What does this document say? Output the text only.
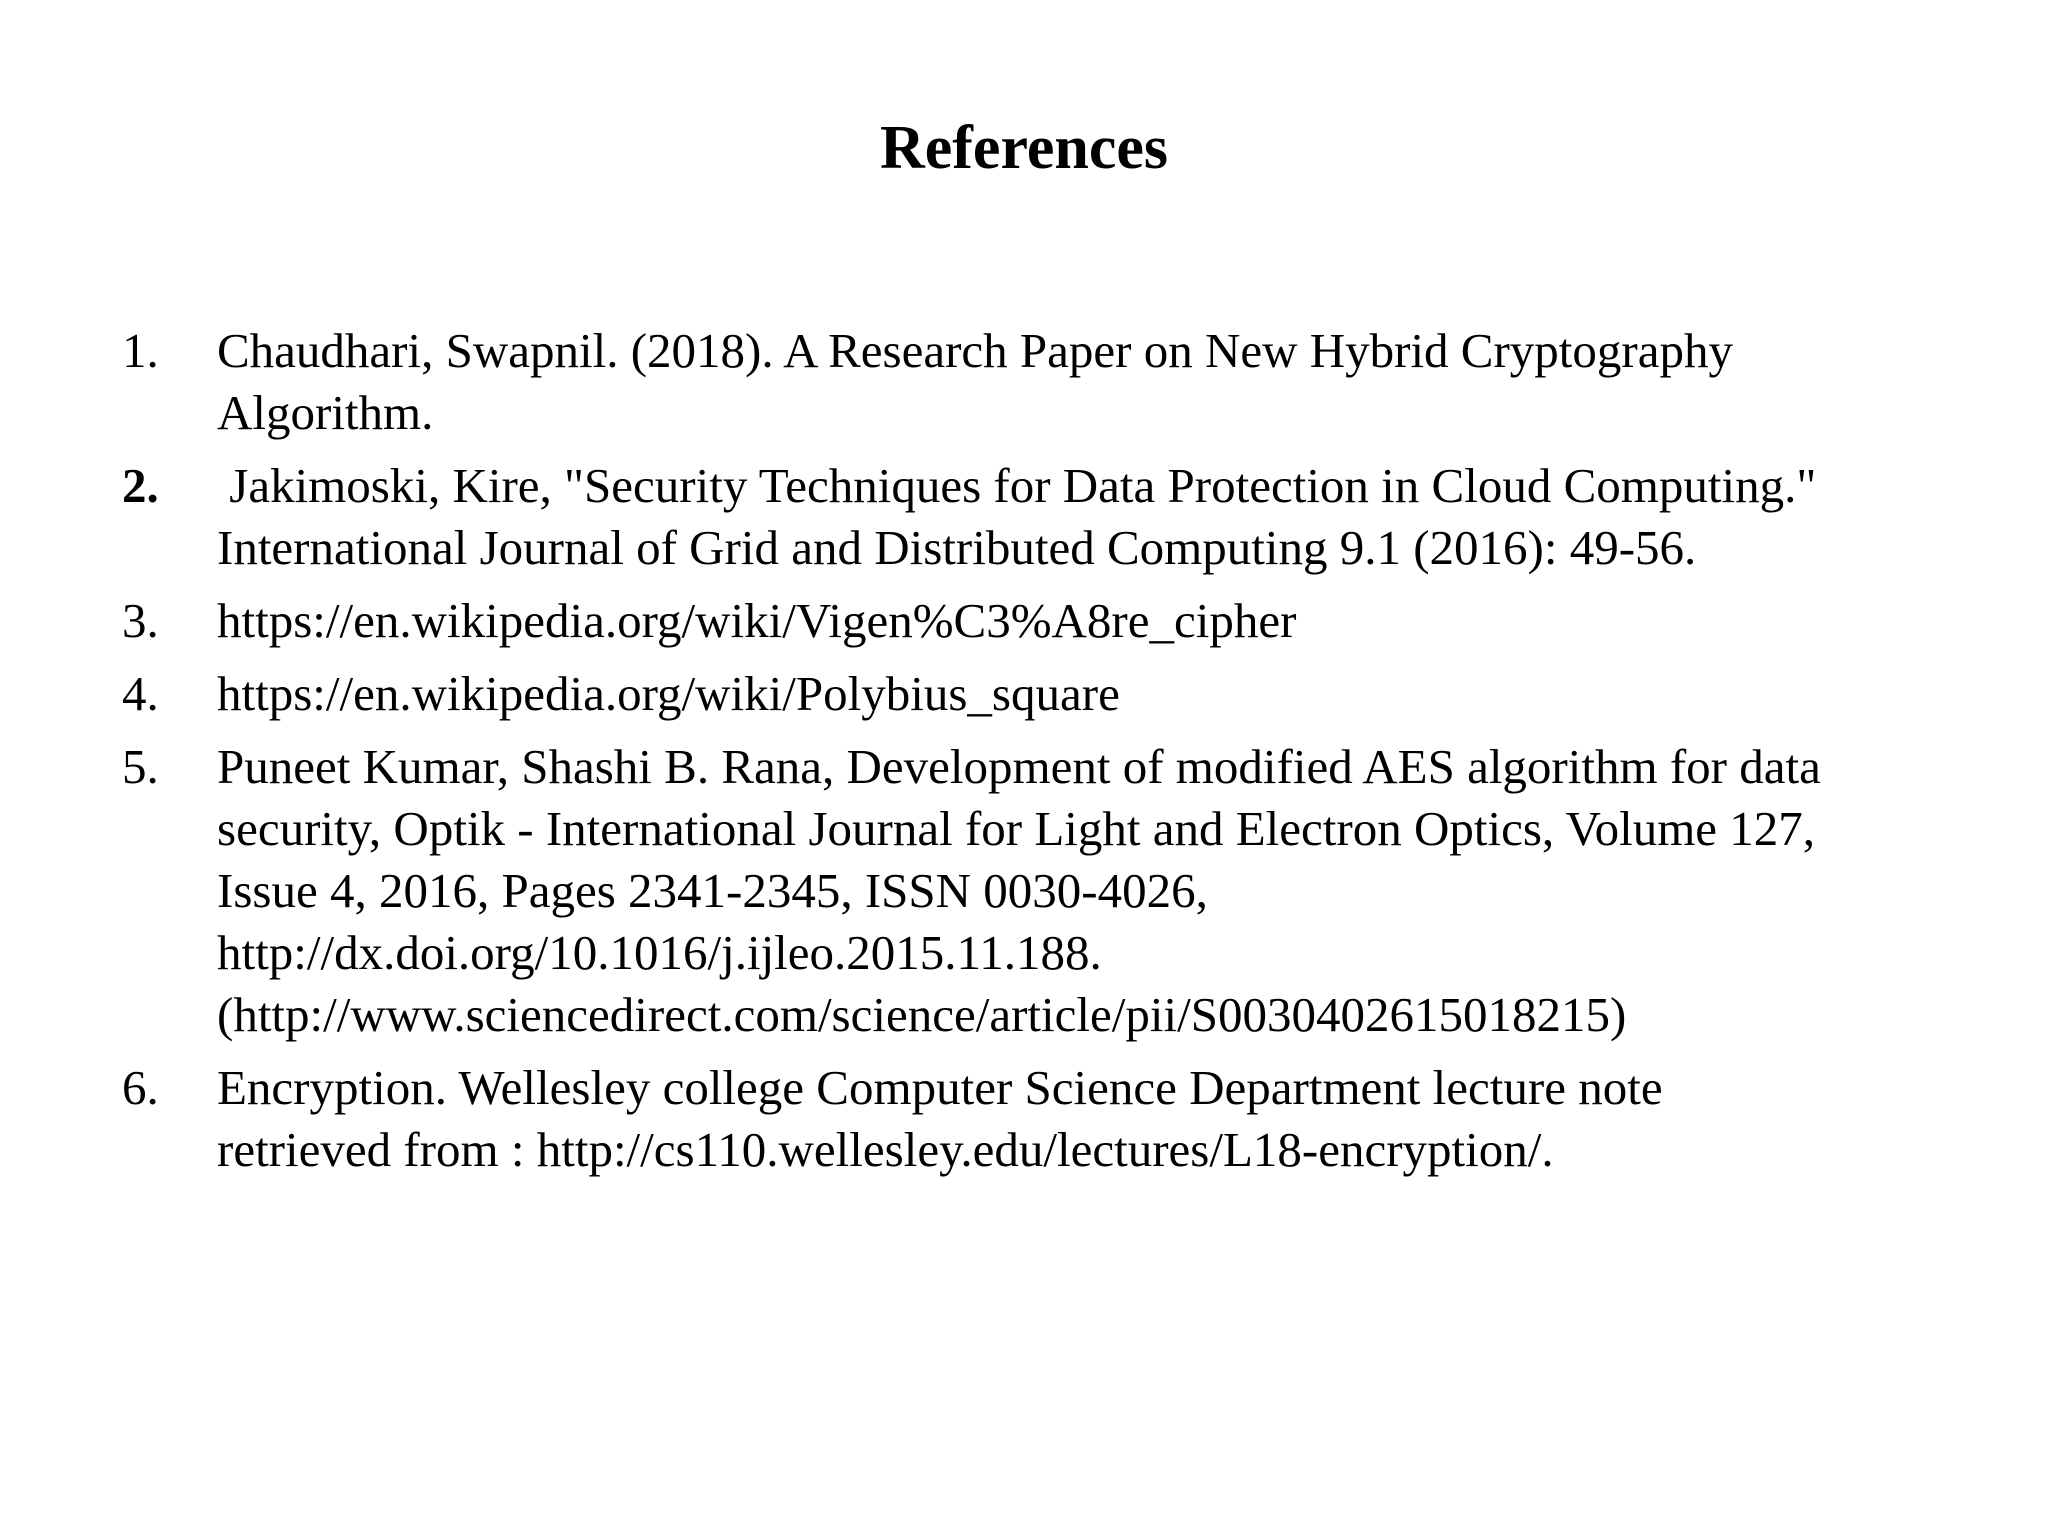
References
1.	Chaudhari, Swapnil. (2018). A Research Paper on New Hybrid Cryptography
Algorithm.
2.	Jakimoski, Kire, "Security Techniques for Data Protection in Cloud Computing."
International Journal of Grid and Distributed Computing 9.1 (2016): 49-56.
3.	https://en.wikipedia.org/wiki/Vigen%C3%A8re_cipher
4.	https://en.wikipedia.org/wiki/Polybius_square
5.	Puneet Kumar, Shashi B. Rana, Development of modified AES algorithm for data
security, Optik - International Journal for Light and Electron Optics, Volume 127,
Issue 4, 2016, Pages 2341-2345, ISSN 0030-4026,
http://dx.doi.org/10.1016/j.ijleo.2015.11.188.
(http://www.sciencedirect.com/science/article/pii/S0030402615018215)
6.	Encryption. Wellesley college Computer Science Department lecture note
retrieved from : http://cs110.wellesley.edu/lectures/L18-encryption/.
